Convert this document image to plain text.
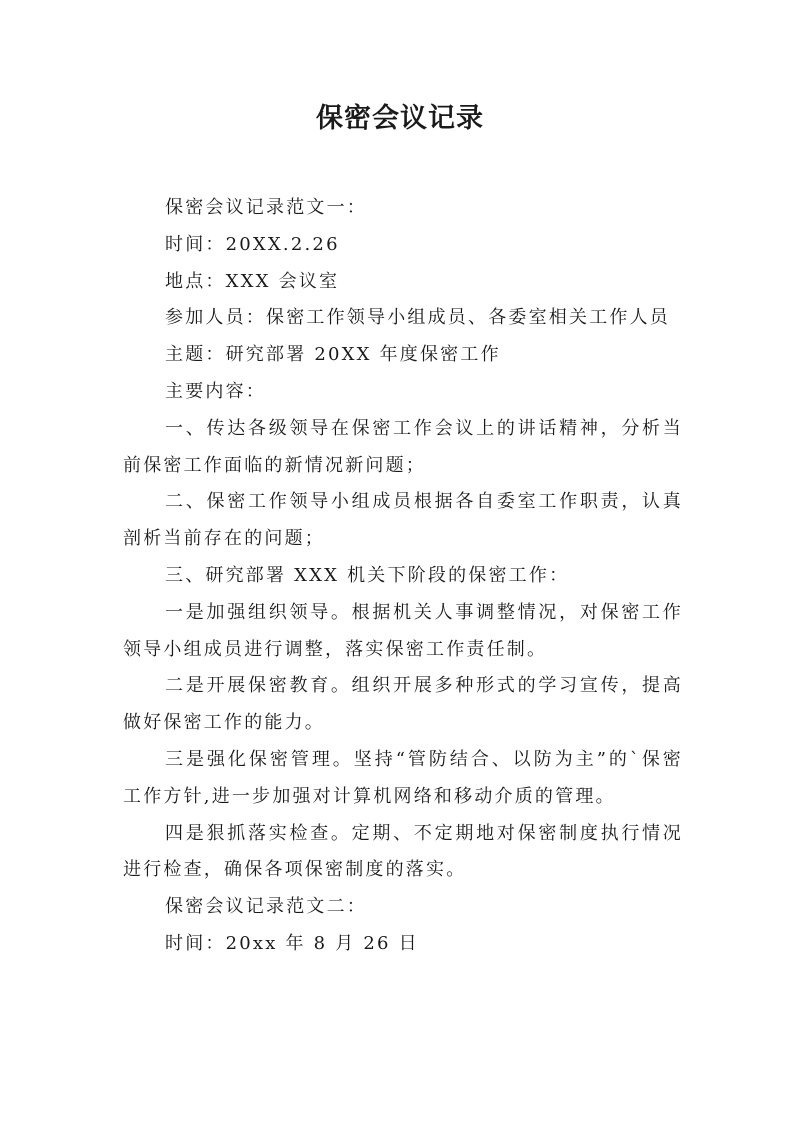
保密会议记录

保密会议记录范文一：

时间：20XX.2.26

地点：XXX 会议室

参加人员：保密工作领导小组成员、各委室相关工作人员

主题：研究部署 20XX 年度保密工作

主要内容：

一、传达各级领导在保密工作会议上的讲话精神，分析当前保密工作面临的新情况新问题；

二、保密工作领导小组成员根据各自委室工作职责，认真剖析当前存在的问题；

三、研究部署 XXX 机关下阶段的保密工作：

一是加强组织领导。根据机关人事调整情况，对保密工作领导小组成员进行调整，落实保密工作责任制。

二是开展保密教育。组织开展多种形式的学习宣传，提高做好保密工作的能力。

三是强化保密管理。坚持“管防结合、以防为主”的`保密工作方针,进一步加强对计算机网络和移动介质的管理。

四是狠抓落实检查。定期、不定期地对保密制度执行情况进行检查，确保各项保密制度的落实。

保密会议记录范文二：

时间：20xx 年 8 月 26 日
